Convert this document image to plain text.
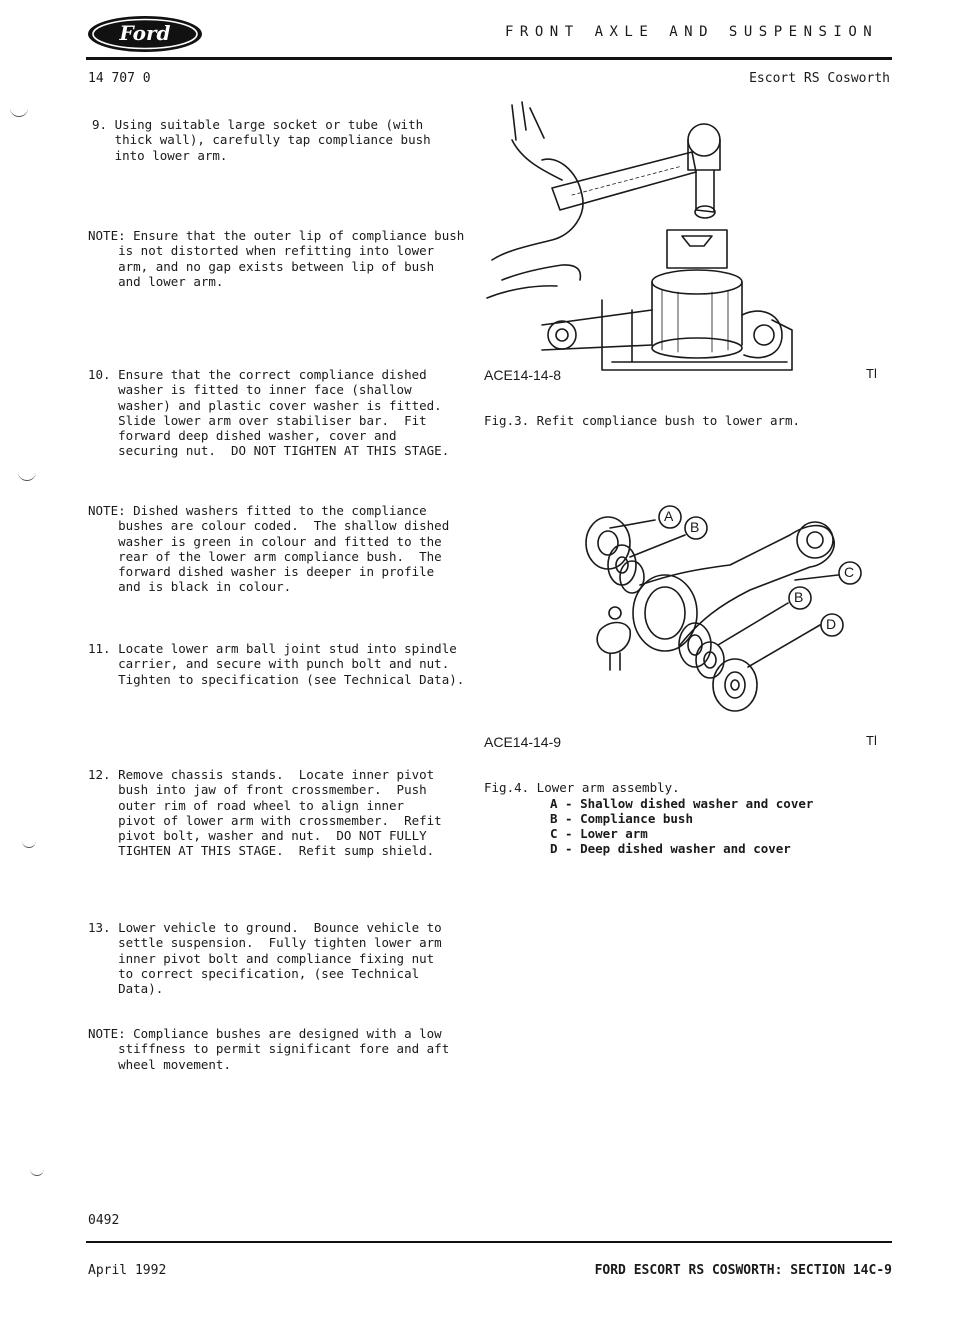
Ford	FRONT AXLE AND SUSPENSION
14 707 0	Escort RS Cosworth
9. Using suitable large socket or tube (with
thick wall), carefully tap compliance bush
into lower arm.
NOTE: Ensure that the outer lip of compliance bush
is not distorted when refitting into lower
arm, and no gap exists between lip of bush
and lower arm.
10. Ensure that the correct compliance dished
washer is fitted to inner face (shallow
washer) and plastic cover washer is fitted.
Slide lower arm over stabiliser bar.  Fit
forward deep dished washer, cover and
securing nut.  DO NOT TIGHTEN AT THIS STAGE.
NOTE: Dished washers fitted to the compliance
bushes are colour coded.  The shallow dished
washer is green in colour and fitted to the
rear of the lower arm compliance bush.  The
forward dished washer is deeper in profile
and is black in colour.
11. Locate lower arm ball joint stud into spindle
carrier, and secure with punch bolt and nut.
Tighten to specification (see Technical Data).
12. Remove chassis stands.  Locate inner pivot
bush into jaw of front crossmember.  Push
outer rim of road wheel to align inner
pivot of lower arm with crossmember.  Refit
pivot bolt, washer and nut.  DO NOT FULLY
TIGHTEN AT THIS STAGE.  Refit sump shield.
13. Lower vehicle to ground.  Bounce vehicle to
settle suspension.  Fully tighten lower arm
inner pivot bolt and compliance fixing nut
to correct specification, (see Technical
Data).
NOTE: Compliance bushes are designed with a low
stiffness to permit significant fore and aft
wheel movement.
ACE14-14-8	Tl
Fig.3. Refit compliance bush to lower arm.
A
B
C
B
D
ACE14-14-9	Tl
Fig.4. Lower arm assembly.
A - Shallow dished washer and cover
B - Compliance bush
C - Lower arm
D - Deep dished washer and cover
0492
April 1992	FORD ESCORT RS COSWORTH: SECTION 14C-9
